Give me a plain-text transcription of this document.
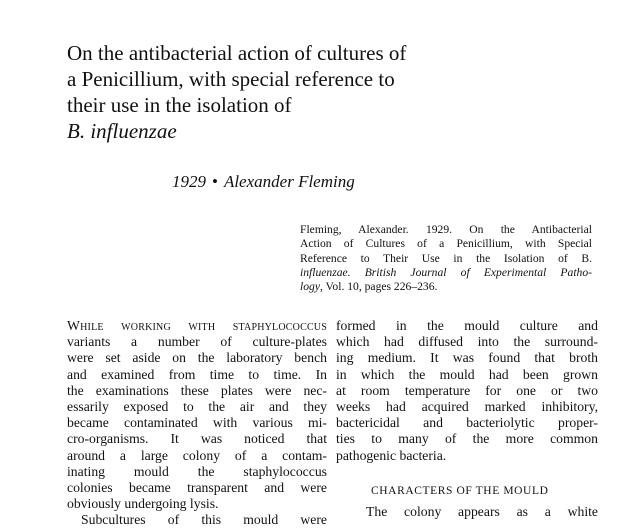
On the antibacterial action of cultures of
a Penicillium, with special reference to
their use in the isolation of
B. influenzae
1929 • Alexander Fleming
Fleming, Alexander. 1929. On the Antibacterial
Action of Cultures of a Penicillium, with Special
Reference to Their Use in the Isolation of B.
influenzae. British Journal of Experimental Patho-
logy, Vol. 10, pages 226–236.
While working with staphylococcus
variants a number of culture-plates
were set aside on the laboratory bench
and examined from time to time. In
the examinations these plates were nec-
essarily exposed to the air and they
became contaminated with various mi-
cro-organisms. It was noticed that
around a large colony of a contam-
inating mould the staphylococcus
colonies became transparent and were
obviously undergoing lysis.
Subcultures of this mould were
formed in the mould culture and
which had diffused into the surround-
ing medium. It was found that broth
in which the mould had been grown
at room temperature for one or two
weeks had acquired marked inhibitory,
bactericidal and bacteriolytic proper-
ties to many of the more common
pathogenic bacteria.
CHARACTERS OF THE MOULD
The colony appears as a white
